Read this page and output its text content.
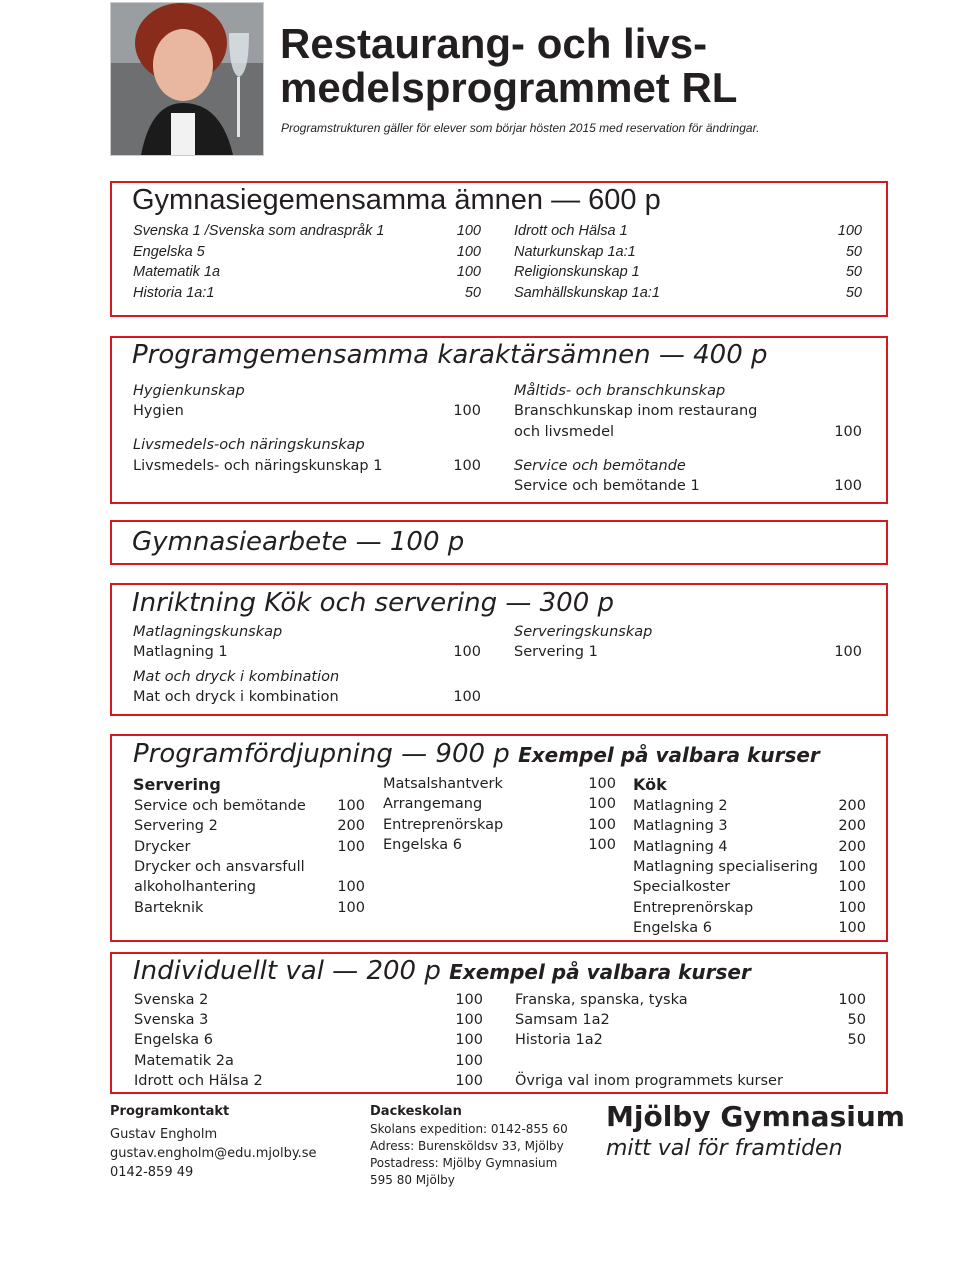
Restaurang- och livs-
medelsprogrammet RL
Programstrukturen gäller för elever som börjar hösten 2015 med reservation för ändringar.
Gymnasiegemensamma ämnen — 600 p
Svenska 1 /Svenska som andraspråk 1	100
Engelska 5	100
Matematik 1a	100
Historia 1a:1	50
Idrott och Hälsa 1	100
Naturkunskap 1a:1	50
Religionskunskap 1	50
Samhällskunskap 1a:1	50
Programgemensamma karaktärsämnen — 400 p
Hygienkunskap
Hygien	100
Livsmedels-och näringskunskap
Livsmedels- och näringskunskap 1	100
Måltids- och branschkunskap
Branschkunskap inom restaurang
och livsmedel	100
Service och bemötande
Service och bemötande 1	100
Gymnasiearbete — 100 p
Inriktning Kök och servering — 300 p
Matlagningskunskap
Matlagning 1	100
Mat och dryck i kombination
Mat och dryck i kombination	100
Serveringskunskap
Servering 1	100
Programfördjupning — 900 p Exempel på valbara kurser
Servering	Kök
Service och bemötande	100
Servering 2	200
Drycker	100
Drycker och ansvarsfull
alkoholhantering	100
Barteknik	100
Matsalshantverk	100
Arrangemang	100
Entreprenörskap	100
Engelska 6	100
Matlagning 2	200
Matlagning 3	200
Matlagning 4	200
Matlagning specialisering	100
Specialkoster	100
Entreprenörskap	100
Engelska 6	100
Individuellt val — 200 p Exempel på valbara kurser
Svenska 2	100
Svenska 3	100
Engelska 6	100
Matematik 2a	100
Idrott och Hälsa 2	100
Franska, spanska, tyska	100
Samsam 1a2	50
Historia 1a2	50
Övriga val inom programmets kurser
Programkontakt
Gustav Engholm
gustav.engholm@edu.mjolby.se
0142-859 49
Dackeskolan
Skolans expedition: 0142-855 60
Adress: Burensköldsv 33, Mjölby
Postadress: Mjölby Gymnasium
595 80 Mjölby
Mjölby Gymnasium
mitt val för framtiden
